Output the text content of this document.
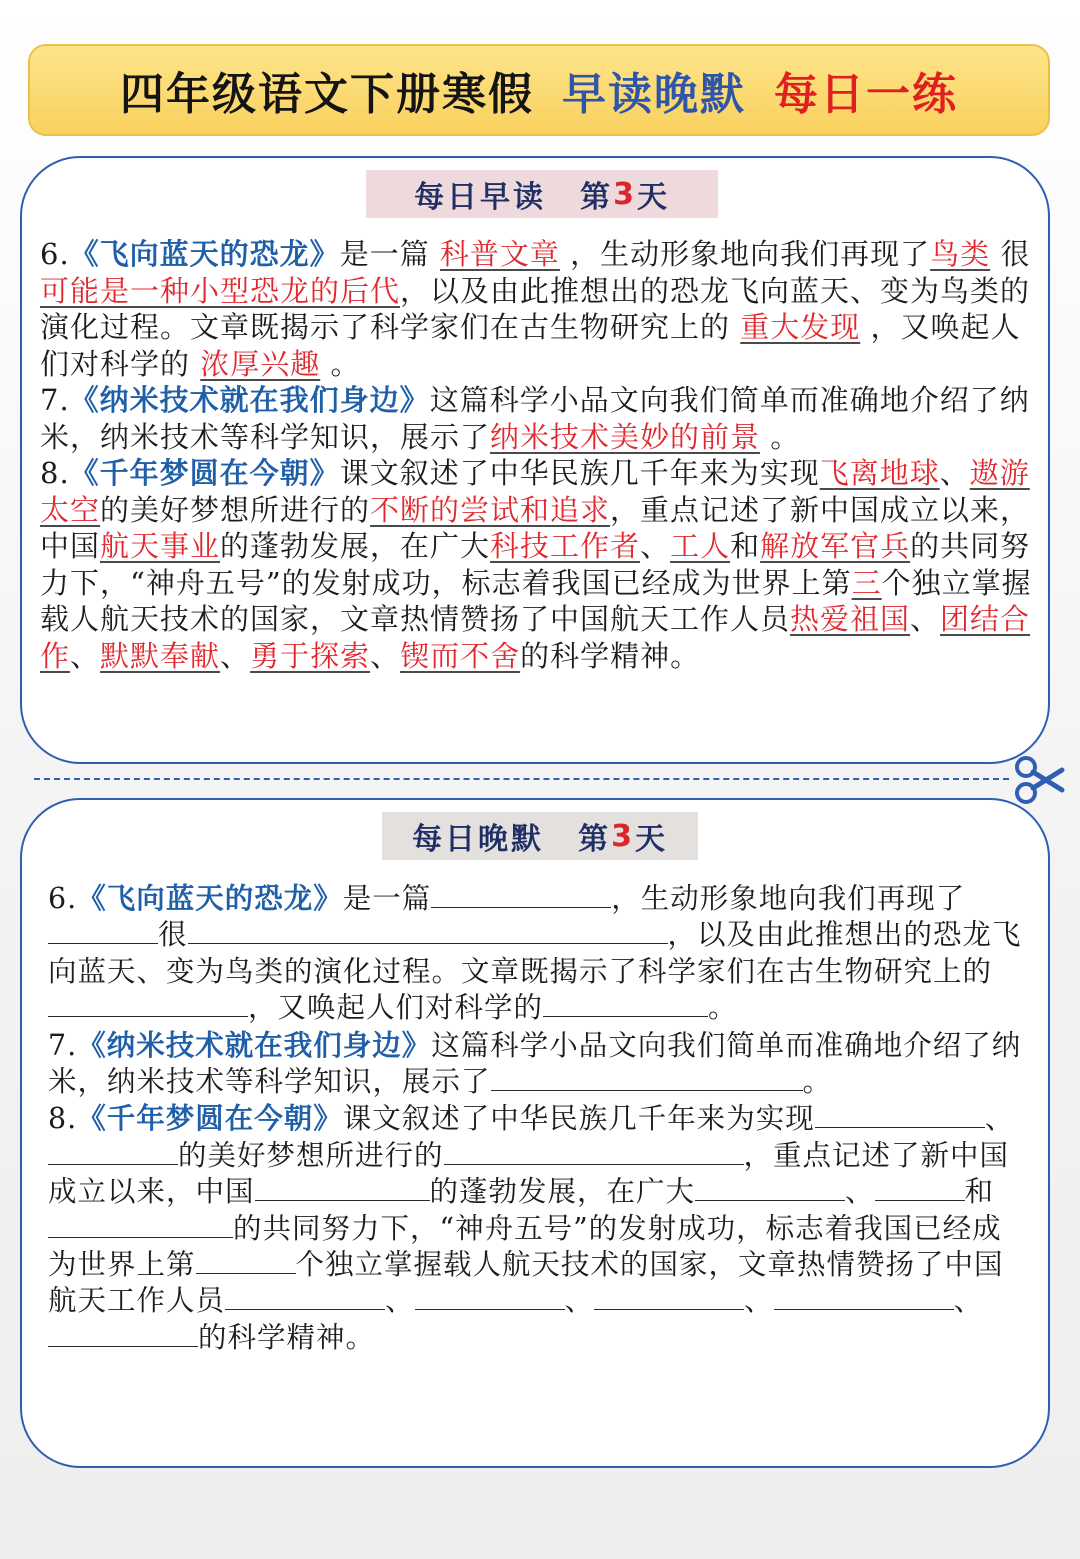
四年级语文下册寒假 早读晚默 每日一练
每日早读 第 3 天

6.《飞向蓝天的恐龙》是一篇 科普文章 ，生动形象地向我们再现了鸟类 很可能是一种小型恐龙的后代，以及由此推想出的恐龙飞向蓝天、变为鸟类的演化过程。文章既揭示了科学家们在古生物研究上的 重大发现 ，又唤起人们对科学的 浓厚兴趣 。

7.《纳米技术就在我们身边》这篇科学小品文向我们简单而准确地介绍了纳米，纳米技术等科学知识，展示了纳米技术美妙的前景 。

8.《千年梦圆在今朝》课文叙述了中华民族几千年来为实现飞离地球、遨游太空的美好梦想所进行的不断的尝试和追求，重点记述了新中国成立以来，中国航天事业的蓬勃发展，在广大科技工作者、工人和解放军官兵的共同努力下，“神舟五号”的发射成功，标志着我国已经成为世界上第三个独立掌握载人航天技术的国家，文章热情赞扬了中国航天工作人员热爱祖国、团结合作、默默奉献、勇于探索、锲而不舍的科学精神。

每日晚默 第 3 天

6.《飞向蓝天的恐龙》是一篇	，生动形象地向我们再现了很	，以及由此推想出的恐龙飞向蓝天、变为鸟类的演化过程。文章既揭示了科学家们在古生物研究上的，又唤起人们对科学的	。

7.《纳米技术就在我们身边》这篇科学小品文向我们简单而准确地介绍了纳米，纳米技术等科学知识，展示了	。

8.《千年梦圆在今朝》课文叙述了中华民族几千年来为实现	、的美好梦想所进行的	，重点记述了新中国成立以来，中国	的蓬勃发展，在广大	、	和的共同努力下，“神舟五号”的发射成功，标志着我国已经成为世界上第	个独立掌握载人航天技术的国家，文章热情赞扬了中国航天工作人员	、	、	、	、的科学精神。
